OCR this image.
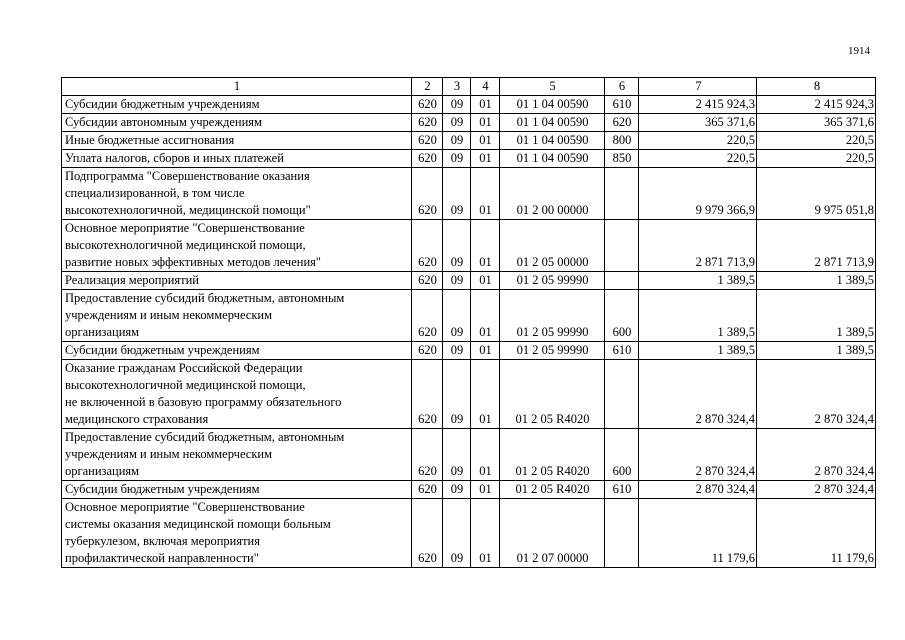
1914
1	2	3	4	5	6	7	8
Субсидии бюджетным учреждениям	620	09	01	01 1 04 00590	610	2 415 924,3	2 415 924,3
Субсидии автономным учреждениям	620	09	01	01 1 04 00590	620	365 371,6	365 371,6
Иные бюджетные ассигнования	620	09	01	01 1 04 00590	800	220,5	220,5
Уплата налогов, сборов и иных платежей	620	09	01	01 1 04 00590	850	220,5	220,5
Подпрограмма "Совершенствование оказания
специализированной, в том числе
высокотехнологичной, медицинской помощи"	620	09	01	01 2 00 00000		9 979 366,9	9 975 051,8
Основное мероприятие "Совершенствование
высокотехнологичной медицинской помощи,
развитие новых эффективных методов лечения"	620	09	01	01 2 05 00000		2 871 713,9	2 871 713,9
Реализация мероприятий	620	09	01	01 2 05 99990		1 389,5	1 389,5
Предоставление субсидий бюджетным, автономным
учреждениям и иным некоммерческим
организациям	620	09	01	01 2 05 99990	600	1 389,5	1 389,5
Субсидии бюджетным учреждениям	620	09	01	01 2 05 99990	610	1 389,5	1 389,5
Оказание гражданам Российской Федерации
высокотехнологичной медицинской помощи,
не включенной в базовую программу обязательного
медицинского страхования	620	09	01	01 2 05 R4020		2 870 324,4	2 870 324,4
Предоставление субсидий бюджетным, автономным
учреждениям и иным некоммерческим
организациям	620	09	01	01 2 05 R4020	600	2 870 324,4	2 870 324,4
Субсидии бюджетным учреждениям	620	09	01	01 2 05 R4020	610	2 870 324,4	2 870 324,4
Основное мероприятие "Совершенствование
системы оказания медицинской помощи больным
туберкулезом, включая мероприятия
профилактической направленности"	620	09	01	01 2 07 00000		11 179,6	11 179,6
